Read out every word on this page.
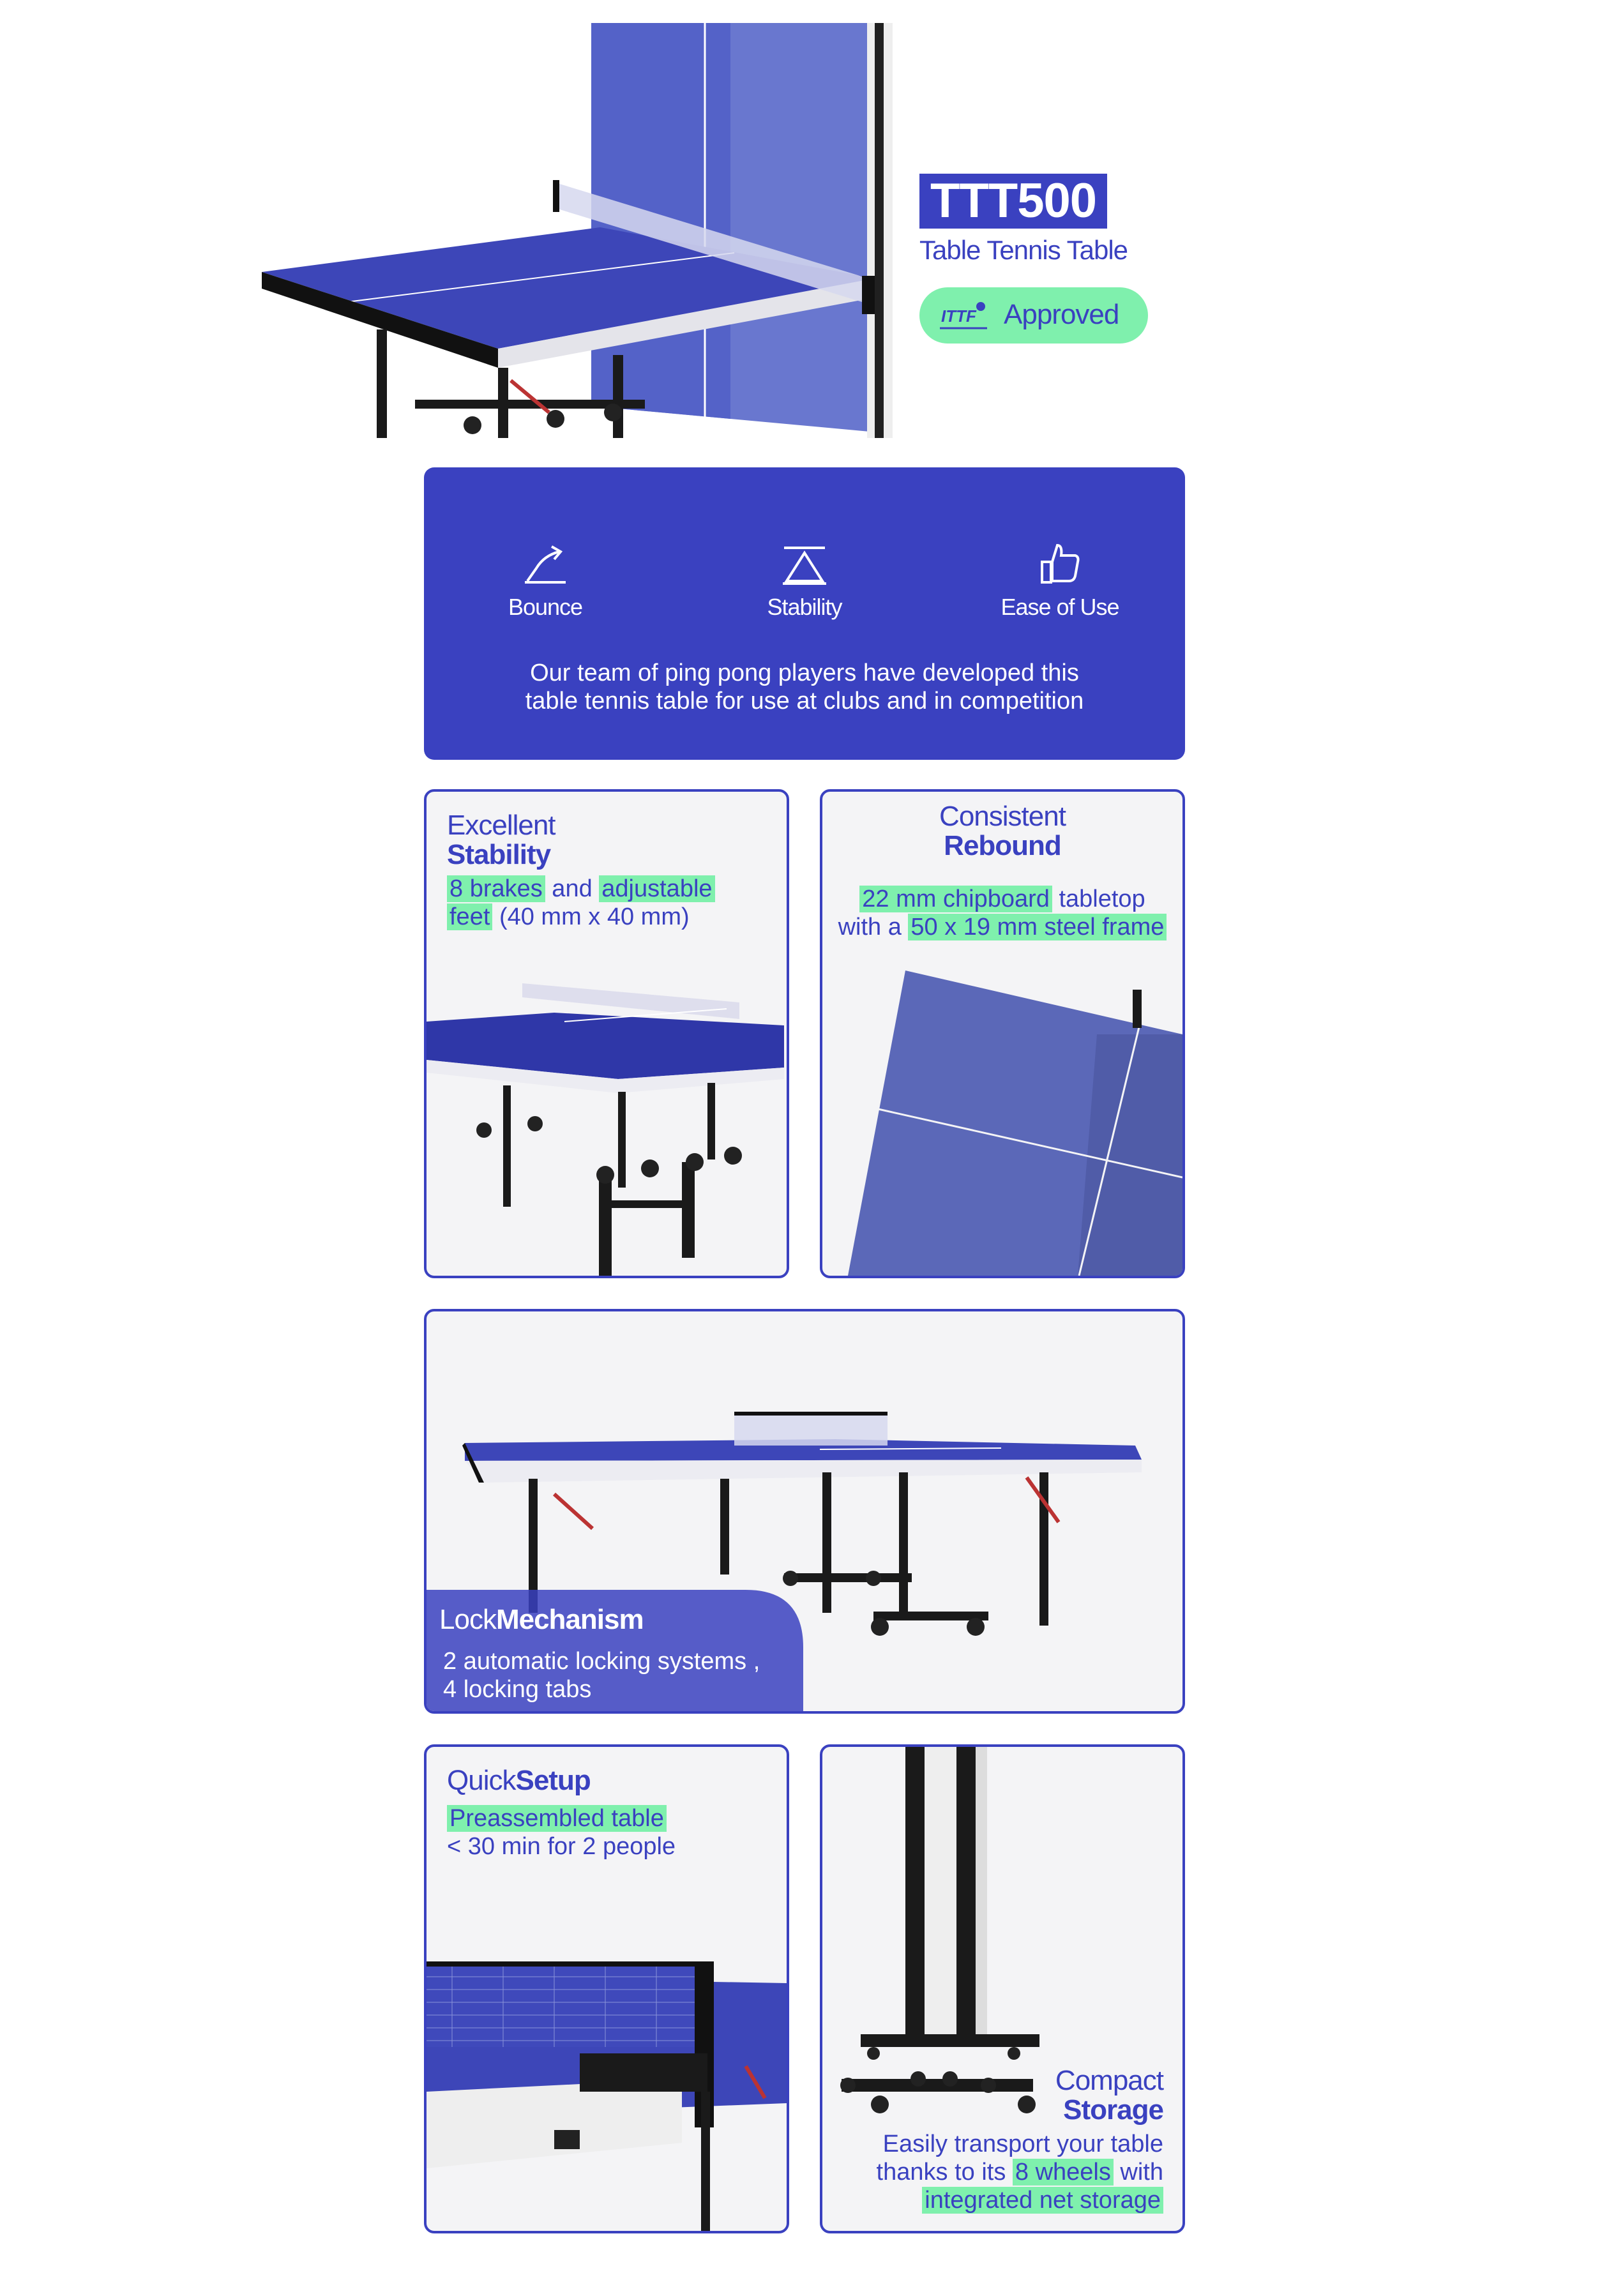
TTT500
Table Tennis Table
ITTF Approved
Bounce	Stability	Ease of Use
Our team of ping pong players have developed this
table tennis table for use at clubs and in competition
Excellent
Stability
8 brakes and adjustable
feet (40 mm x 40 mm)
Consistent
Rebound
22 mm chipboard tabletop
with a 50 x 19 mm steel frame
LockMechanism
2 automatic locking systems ,
4 locking tabs
QuickSetup
Preassembled table
< 30 min for 2 people
Compact
Storage
Easily transport your table
thanks to its 8 wheels with
integrated net storage
